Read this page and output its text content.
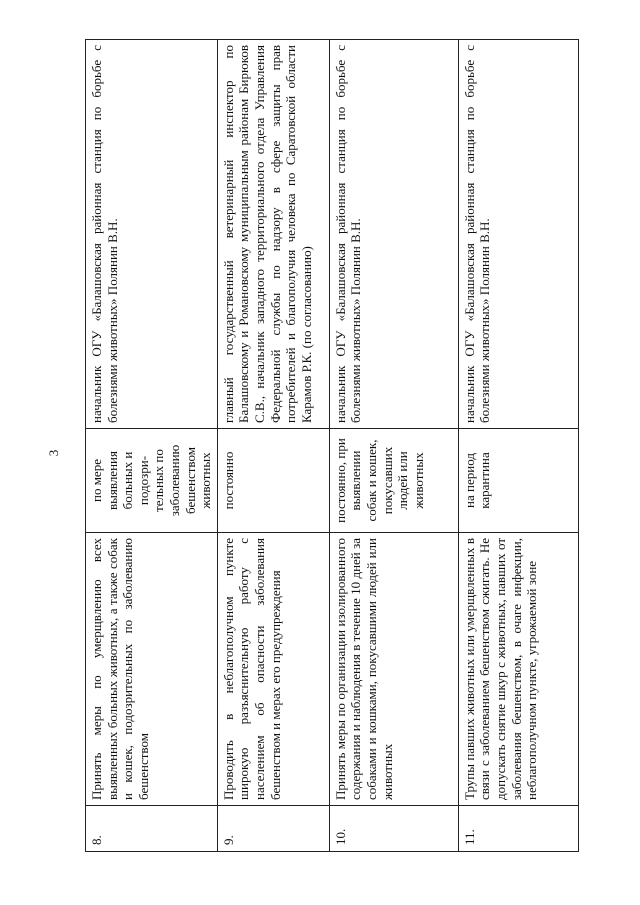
3
8.	Принять меры по умерщвлению всех выявленных больных животных, а также собак и кошек, подозрительных по заболеванию бешенством	по мере выявления больных и подозри-тельных по заболеванию бешенством животных	начальник ОГУ «Балашовская районная станция по борьбе с болезнями животных» Полянин В.Н.
9.	Проводить в неблагополучном пункте широкую разъяснительную работу с населением об опасности заболевания бешенством и мерах его предупреждения	постоянно	главный государственный ветеринарный инспектор по Балашовскому и Романовскому муниципальным районам Бирюков С.В., начальник западного территориального отдела Управления Федеральной службы по надзору в сфере защиты прав потребителей и благополучия человека по Саратовской области Карамов Р.К. (по согласованию)
10.	Принять меры по организации изолированного содержания и наблюдения в течение 10 дней за собаками и кошками, покусавшими людей или животных	постоянно, при выявлении собак и кошек, покусавших людей или животных	начальник ОГУ «Балашовская районная станция по борьбе с болезнями животных» Полянин В.Н.
11.	Трупы павших животных или умерщвленных в связи с заболеванием бешенством сжигать. Не допускать снятие шкур с животных, павших от заболевания бешенством, в очаге инфекции, неблагополучном пункте, угрожаемой зоне	на период карантина	начальник ОГУ «Балашовская районная станция по борьбе с болезнями животных» Полянин В.Н.
